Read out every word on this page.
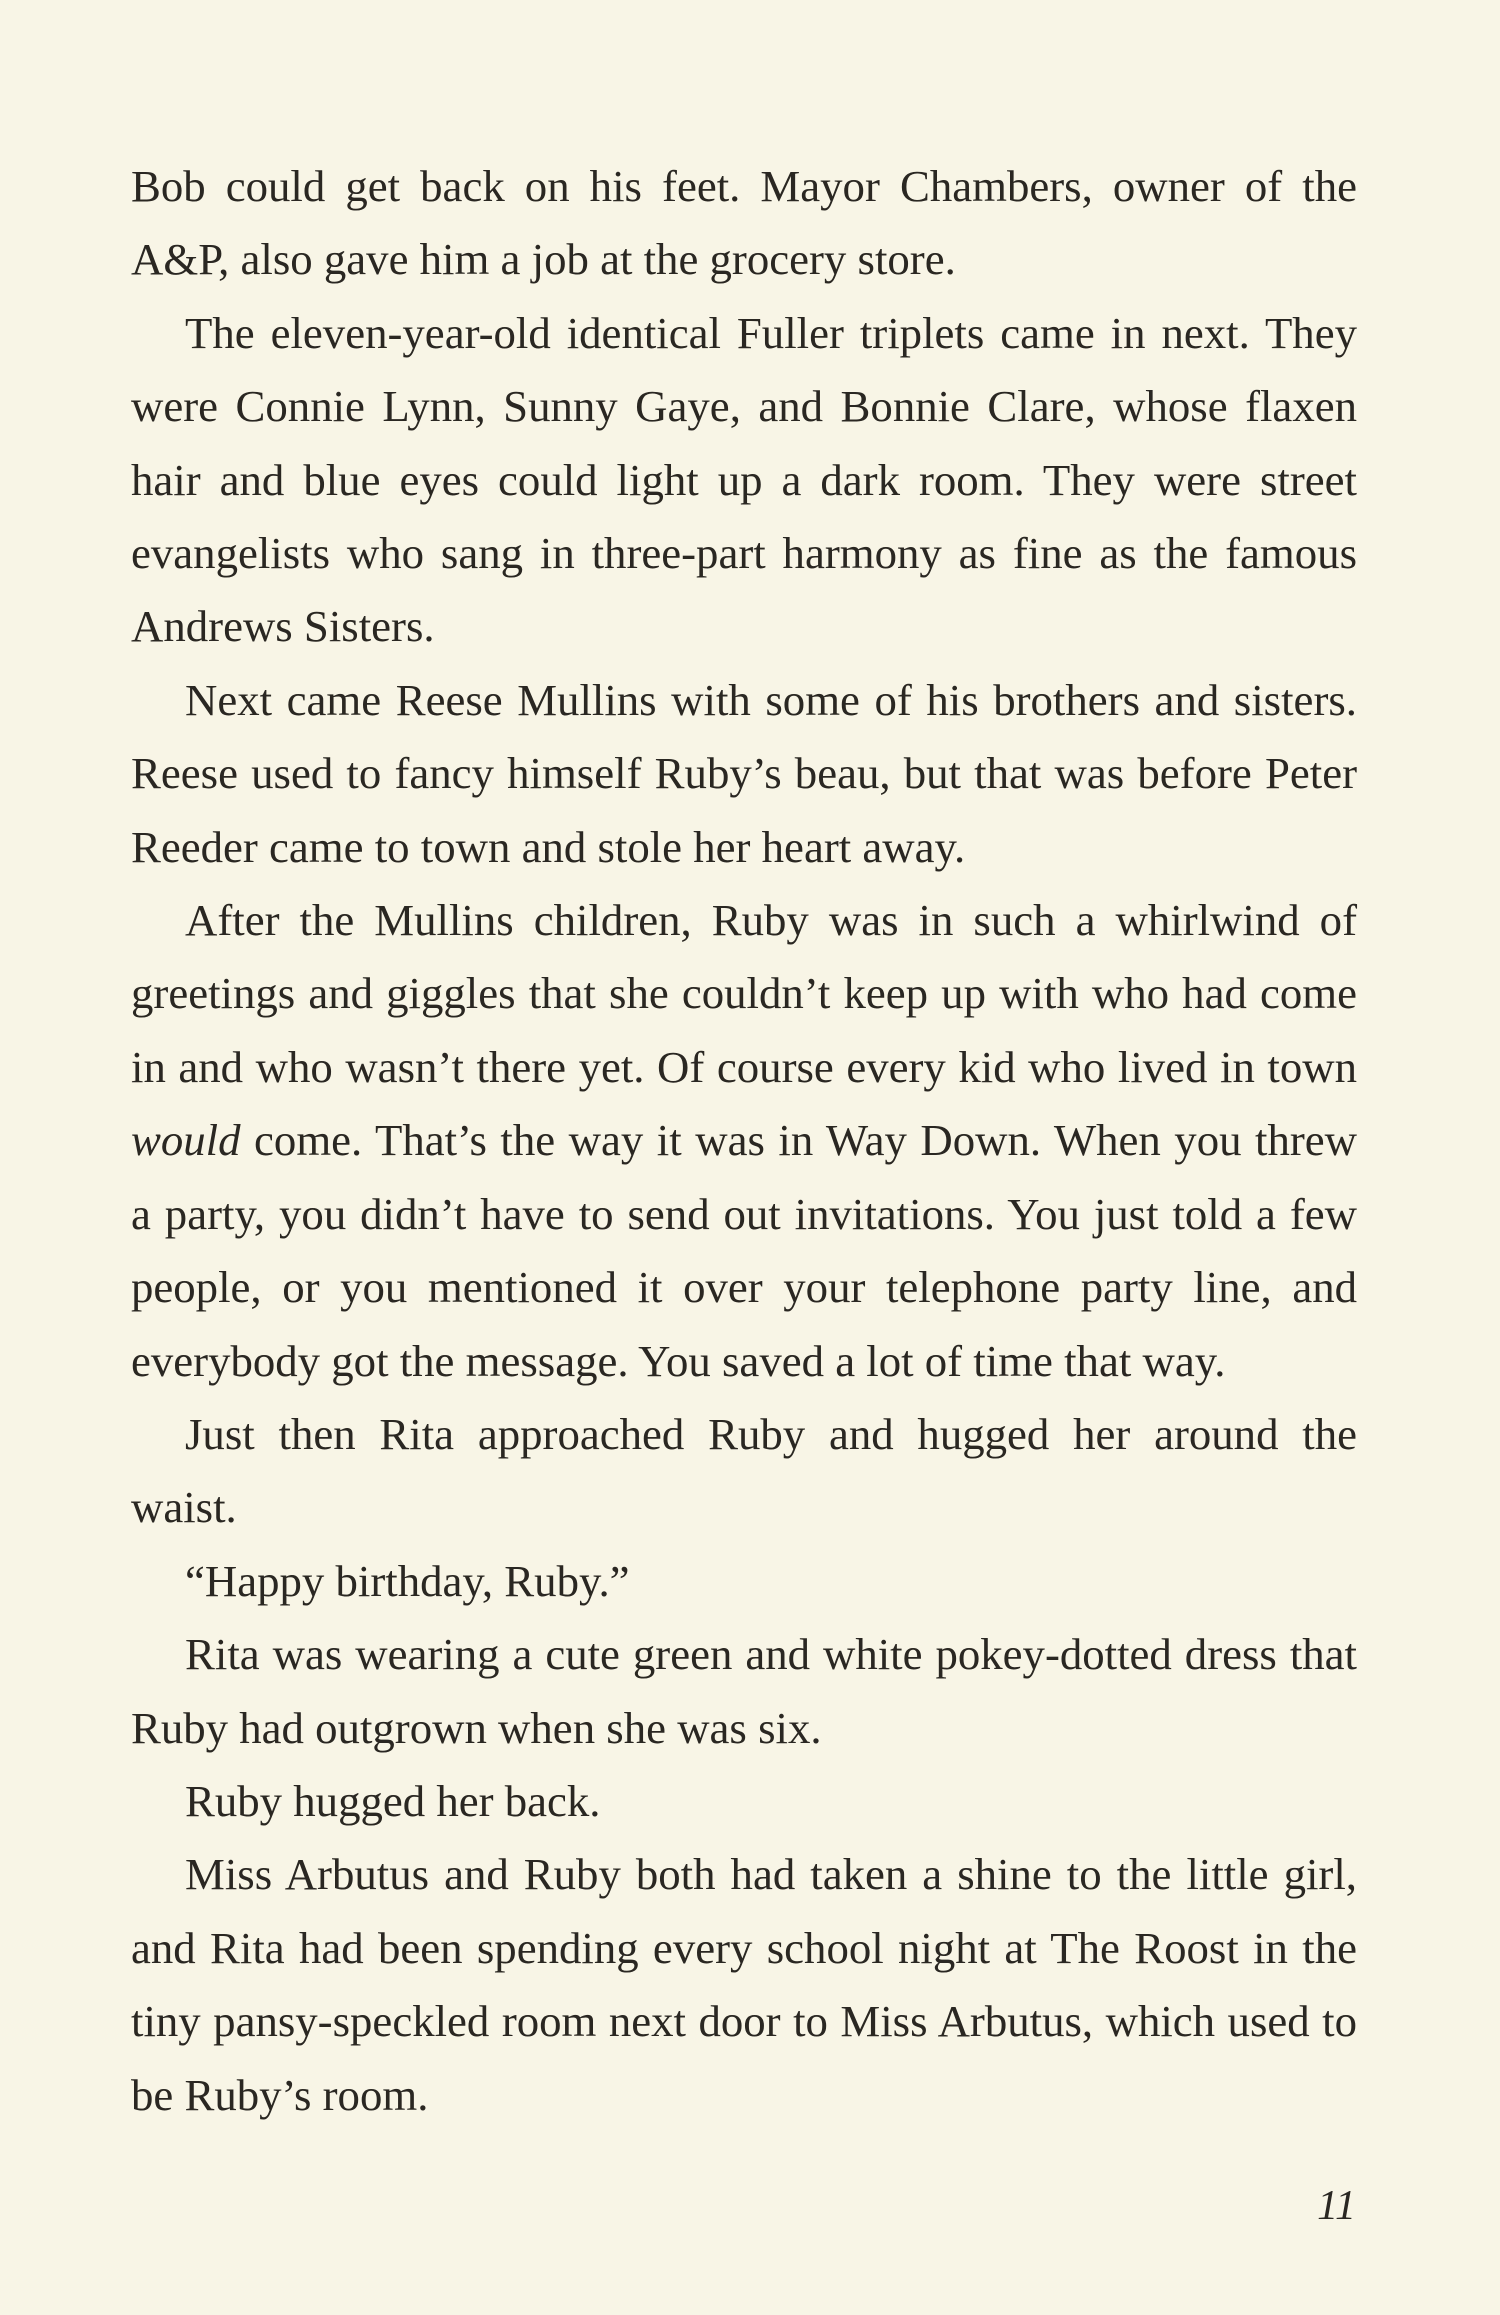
Bob could get back on his feet. Mayor Chambers, owner of the A&P, also gave him a job at the grocery store.

The eleven-year-old identical Fuller triplets came in next. They were Connie Lynn, Sunny Gaye, and Bonnie Clare, whose flaxen hair and blue eyes could light up a dark room. They were street evangelists who sang in three-part harmony as fine as the famous Andrews Sisters.

Next came Reese Mullins with some of his brothers and sisters. Reese used to fancy himself Ruby’s beau, but that was before Peter Reeder came to town and stole her heart away.

After the Mullins children, Ruby was in such a whirlwind of greetings and giggles that she couldn’t keep up with who had come in and who wasn’t there yet. Of course every kid who lived in town would come. That’s the way it was in Way Down. When you threw a party, you didn’t have to send out invitations. You just told a few people, or you mentioned it over your telephone party line, and everybody got the message. You saved a lot of time that way.

Just then Rita approached Ruby and hugged her around the waist.

“Happy birthday, Ruby.”

Rita was wearing a cute green and white pokey-dotted dress that Ruby had outgrown when she was six.

Ruby hugged her back.

Miss Arbutus and Ruby both had taken a shine to the little girl, and Rita had been spending every school night at The Roost in the tiny pansy-speckled room next door to Miss Arbutus, which used to be Ruby’s room.

11
